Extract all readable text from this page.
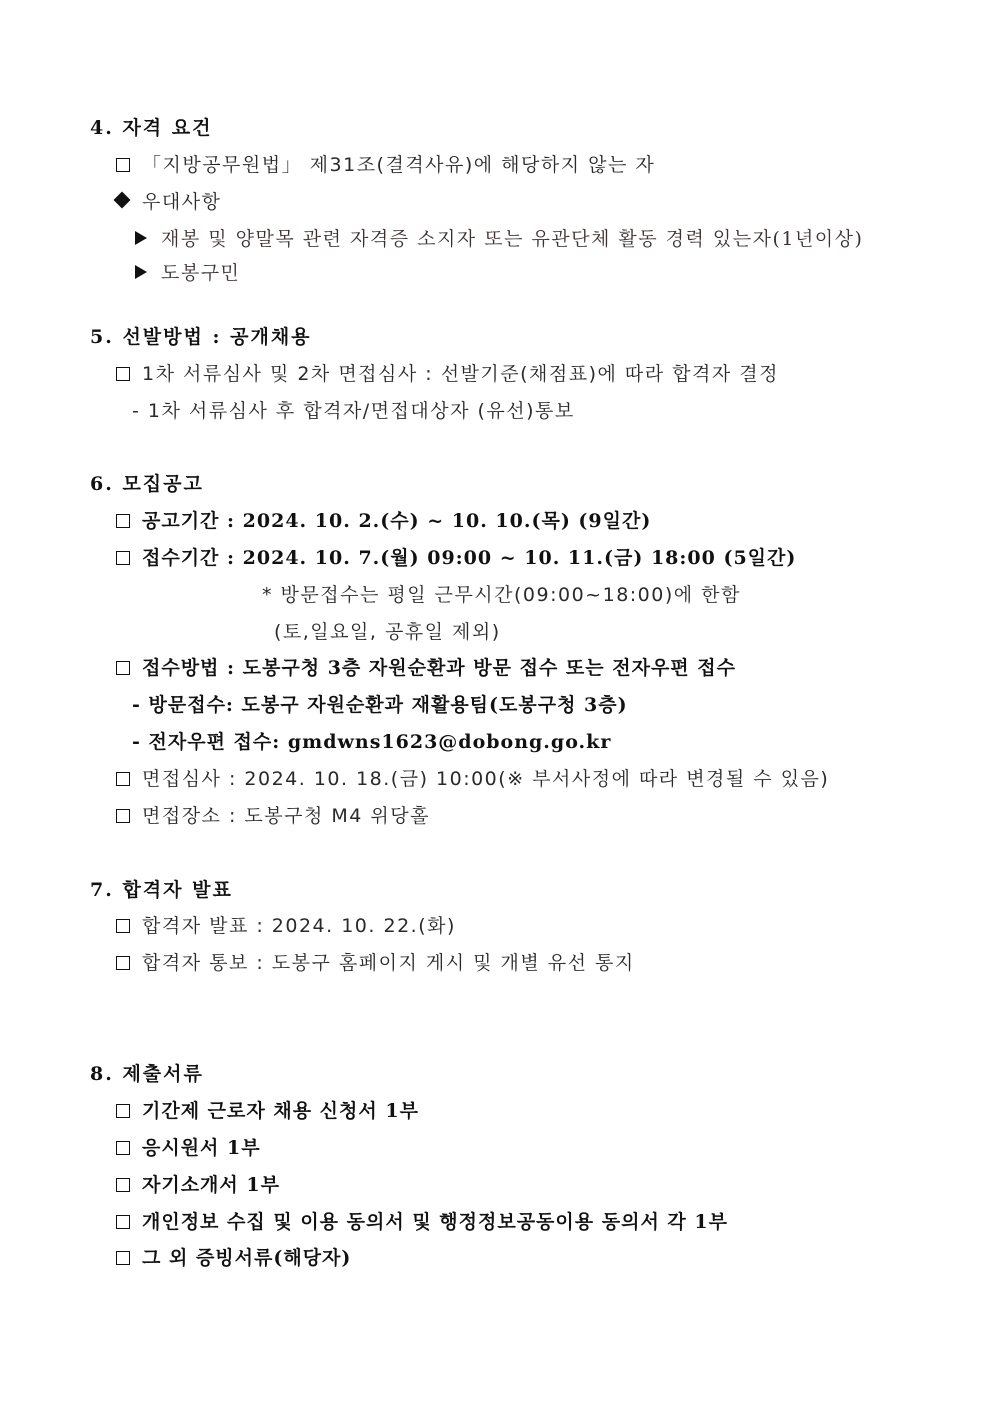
4. 자격 요건
「지방공무원법」 제31조(결격사유)에 해당하지 않는 자
우대사항
재봉 및 양말목 관련 자격증 소지자 또는 유관단체 활동 경력 있는자(1년이상)
도봉구민
5. 선발방법 : 공개채용
1차 서류심사 및 2차 면접심사 : 선발기준(채점표)에 따라 합격자 결정
- 1차 서류심사 후 합격자/면접대상자 (유선)통보
6. 모집공고
공고기간 : 2024. 10. 2.(수) ~ 10. 10.(목) (9일간)
접수기간 : 2024. 10. 7.(월) 09:00 ~ 10. 11.(금) 18:00 (5일간)
* 방문접수는 평일 근무시간(09:00~18:00)에 한함
(토,일요일, 공휴일 제외)
접수방법 : 도봉구청 3층 자원순환과 방문 접수 또는 전자우편 접수
- 방문접수: 도봉구 자원순환과 재활용팀(도봉구청 3층)
- 전자우편 접수: gmdwns1623@dobong.go.kr
면접심사 : 2024. 10. 18.(금) 10:00(※ 부서사정에 따라 변경될 수 있음)
면접장소 : 도봉구청 M4 위당홀
7. 합격자 발표
합격자 발표 : 2024. 10. 22.(화)
합격자 통보 : 도봉구 홈페이지 게시 및 개별 유선 통지
8. 제출서류
기간제 근로자 채용 신청서 1부
응시원서 1부
자기소개서 1부
개인정보 수집 및 이용 동의서 및 행정정보공동이용 동의서 각 1부
그 외 증빙서류(해당자)
